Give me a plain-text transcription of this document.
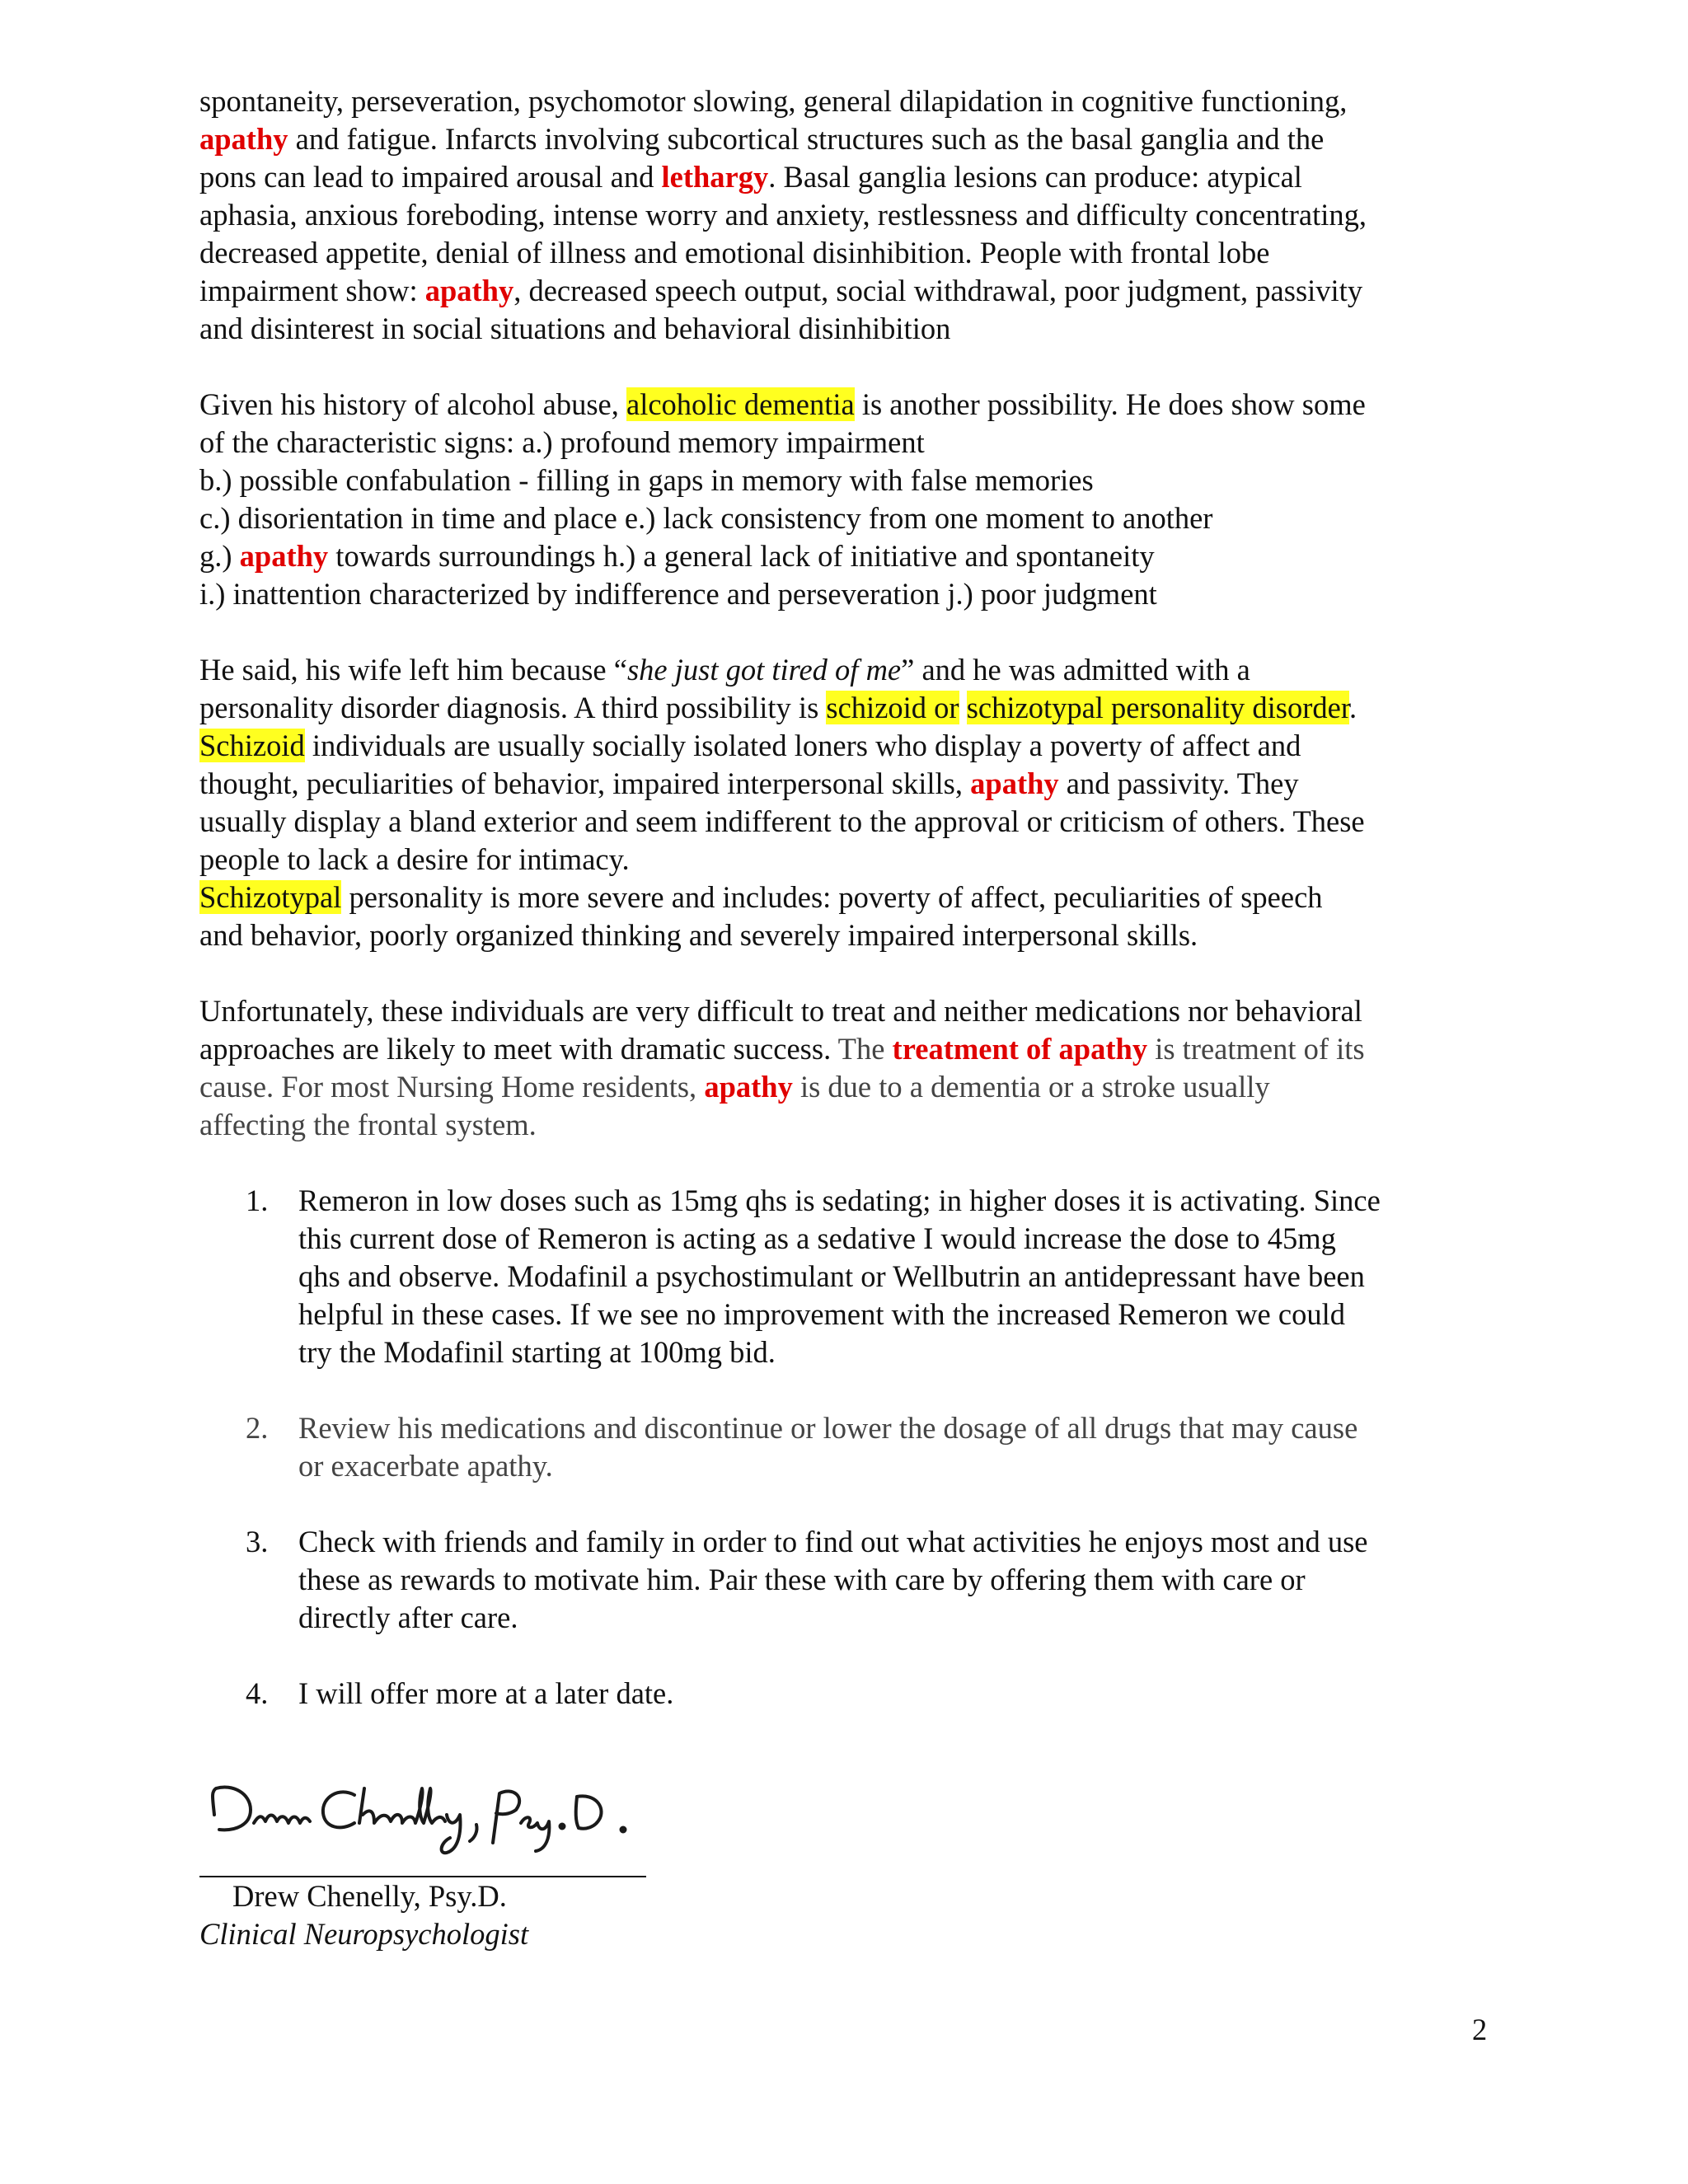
spontaneity, perseveration, psychomotor slowing, general dilapidation in cognitive functioning,
apathy and fatigue. Infarcts involving subcortical structures such as the basal ganglia and the
pons can lead to impaired arousal and lethargy. Basal ganglia lesions can produce: atypical
aphasia, anxious foreboding, intense worry and anxiety, restlessness and difficulty concentrating,
decreased appetite, denial of illness and emotional disinhibition. People with frontal lobe
impairment show: apathy, decreased speech output, social withdrawal, poor judgment, passivity
and disinterest in social situations and behavioral disinhibition

Given his history of alcohol abuse, alcoholic dementia is another possibility. He does show some
of the characteristic signs: a.) profound memory impairment
b.) possible confabulation - filling in gaps in memory with false memories
c.) disorientation in time and place e.) lack consistency from one moment to another
g.) apathy towards surroundings h.) a general lack of initiative and spontaneity
i.) inattention characterized by indifference and perseveration j.) poor judgment

He said, his wife left him because “she just got tired of me” and he was admitted with a
personality disorder diagnosis. A third possibility is schizoid or schizotypal personality disorder.
Schizoid individuals are usually socially isolated loners who display a poverty of affect and
thought, peculiarities of behavior, impaired interpersonal skills, apathy and passivity. They
usually display a bland exterior and seem indifferent to the approval or criticism of others. These
people to lack a desire for intimacy.
Schizotypal personality is more severe and includes: poverty of affect, peculiarities of speech
and behavior, poorly organized thinking and severely impaired interpersonal skills.

Unfortunately, these individuals are very difficult to treat and neither medications nor behavioral
approaches are likely to meet with dramatic success. The treatment of apathy is treatment of its
cause. For most Nursing Home residents, apathy is due to a dementia or a stroke usually
affecting the frontal system.

1. Remeron in low doses such as 15mg qhs is sedating; in higher doses it is activating. Since
this current dose of Remeron is acting as a sedative I would increase the dose to 45mg
qhs and observe. Modafinil a psychostimulant or Wellbutrin an antidepressant have been
helpful in these cases. If we see no improvement with the increased Remeron we could
try the Modafinil starting at 100mg bid.
2. Review his medications and discontinue or lower the dosage of all drugs that may cause
or exacerbate apathy.
3. Check with friends and family in order to find out what activities he enjoys most and use
these as rewards to motivate him. Pair these with care by offering them with care or
directly after care.
4. I will offer more at a later date.
Drew Chenelly, Psy.D.
Clinical Neuropsychologist
2
